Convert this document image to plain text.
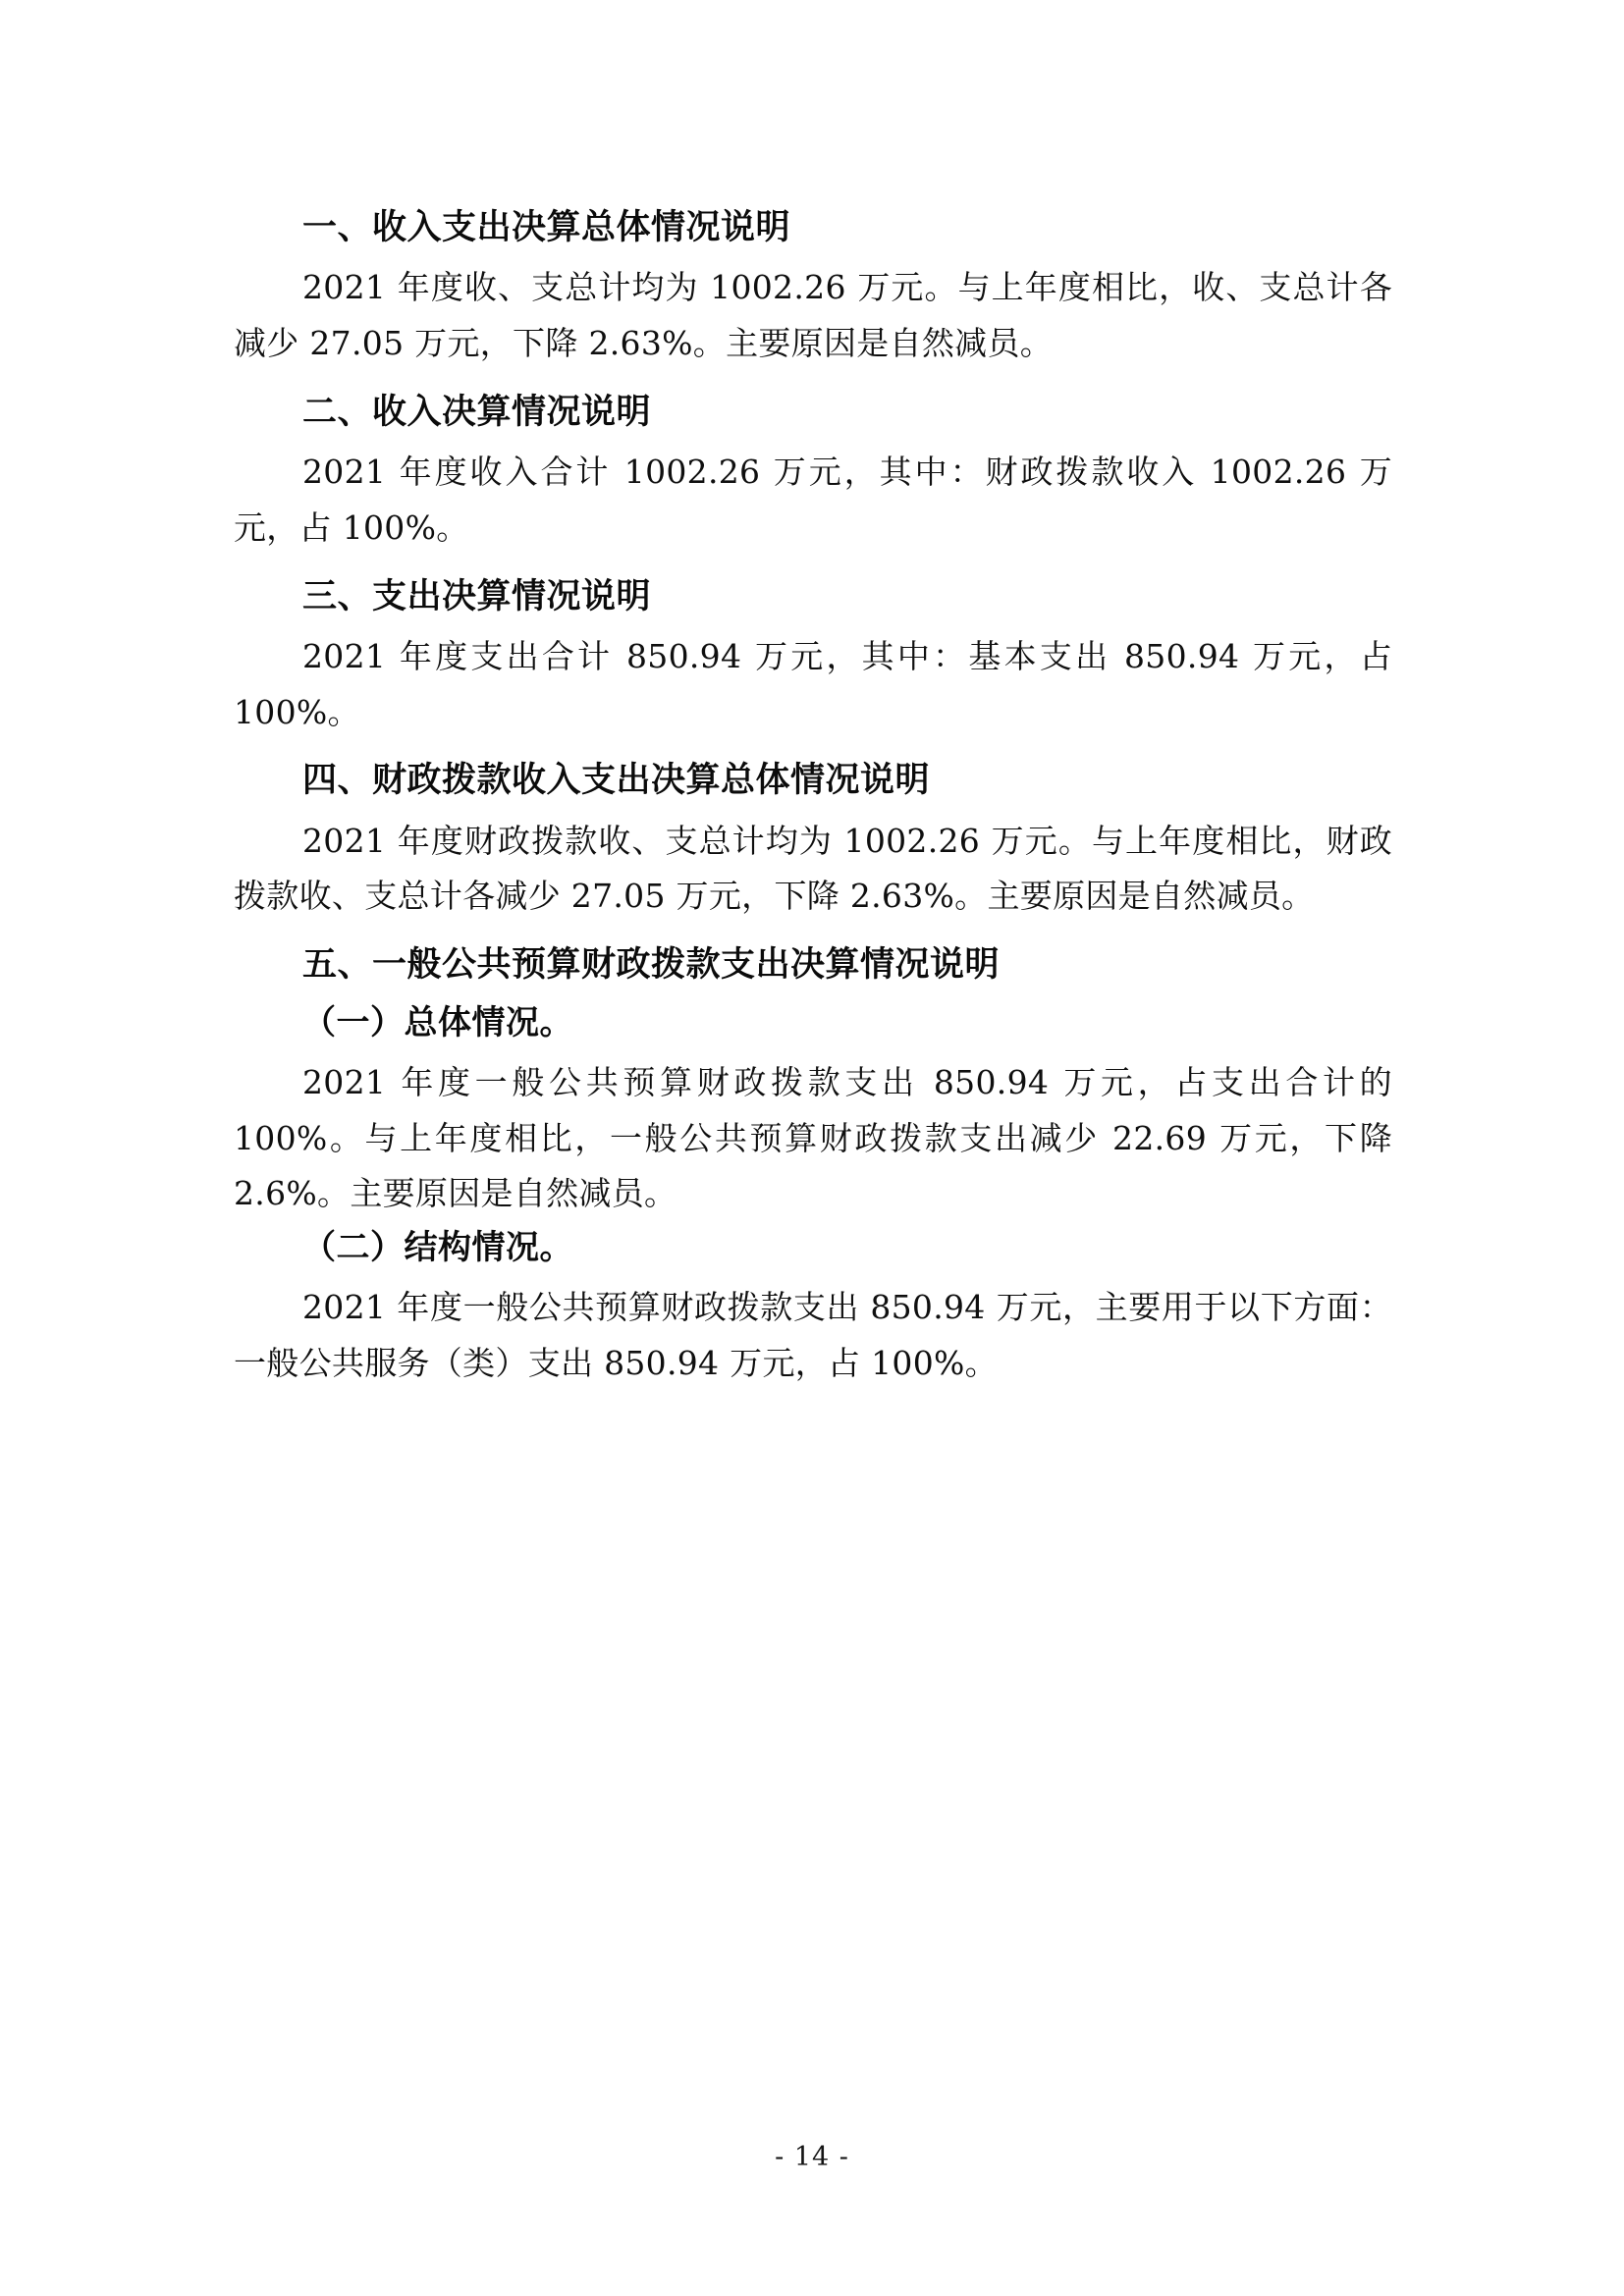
一、收入支出决算总体情况说明

2021 年度收、支总计均为 1002.26 万元。与上年度相比，收、支总计各减少 27.05 万元，下降 2.63%。主要原因是自然减员。

二、收入决算情况说明

2021 年度收入合计 1002.26 万元，其中：财政拨款收入 1002.26 万元，占 100%。

三、支出决算情况说明

2021 年度支出合计 850.94 万元，其中：基本支出 850.94 万元，占 100%。

四、财政拨款收入支出决算总体情况说明

2021 年度财政拨款收、支总计均为 1002.26 万元。与上年度相比，财政拨款收、支总计各减少 27.05 万元，下降 2.63%。主要原因是自然减员。

五、一般公共预算财政拨款支出决算情况说明
（一）总体情况。

2021 年度一般公共预算财政拨款支出 850.94 万元，占支出合计的 100%。与上年度相比，一般公共预算财政拨款支出减少 22.69 万元，下降 2.6%。主要原因是自然减员。

（二）结构情况。

2021 年度一般公共预算财政拨款支出 850.94 万元，主要用于以下方面：一般公共服务（类）支出 850.94 万元，占 100%。

- 14 -
